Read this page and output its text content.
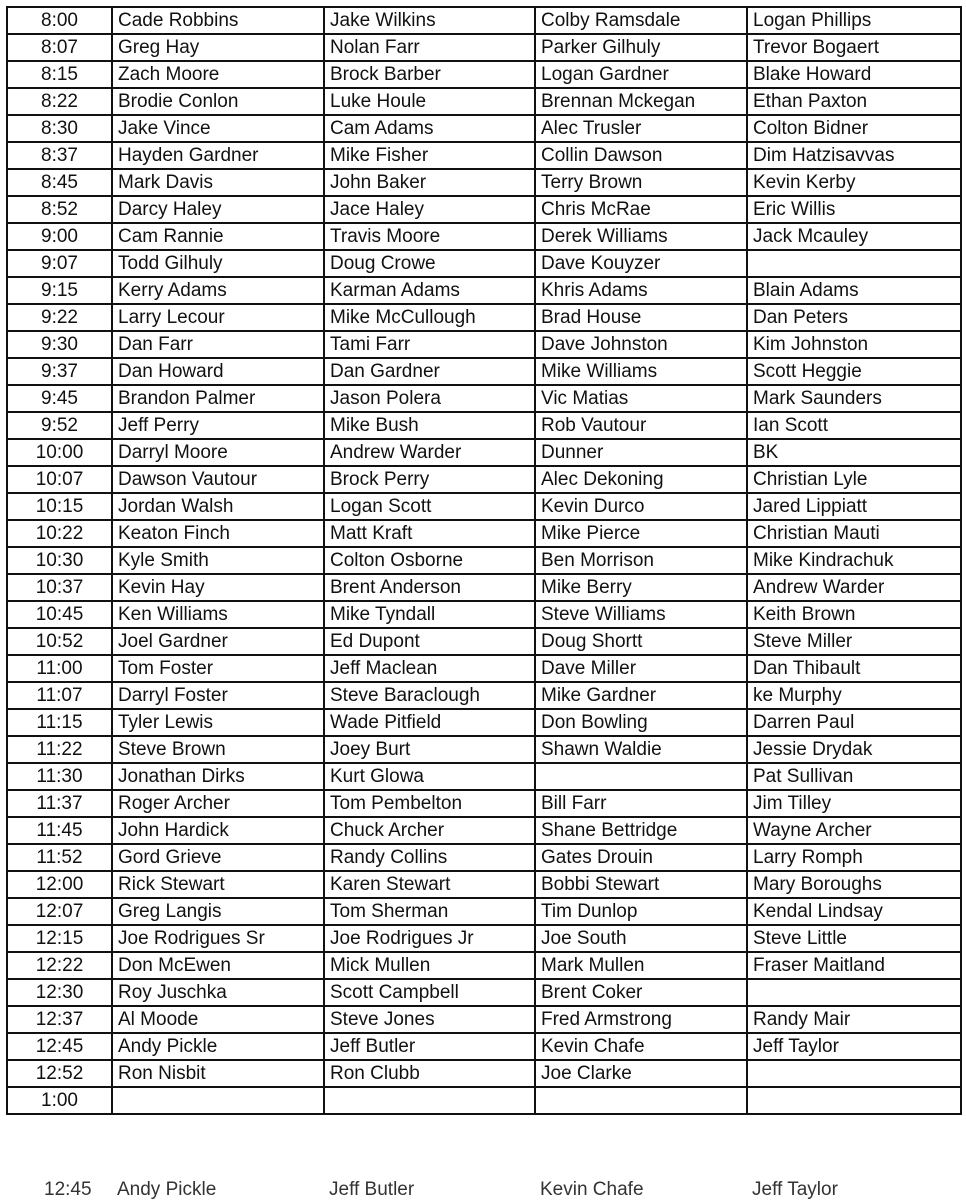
8:00	Cade Robbins	Jake Wilkins	Colby Ramsdale	Logan Phillips
8:07	Greg Hay	Nolan Farr	Parker Gilhuly	Trevor Bogaert
8:15	Zach Moore	Brock Barber	Logan Gardner	Blake Howard
8:22	Brodie Conlon	Luke Houle	Brennan Mckegan	Ethan Paxton
8:30	Jake Vince	Cam Adams	Alec Trusler	Colton Bidner
8:37	Hayden Gardner	Mike Fisher	Collin Dawson	Dim Hatzisavvas
8:45	Mark Davis	John Baker	Terry Brown	Kevin Kerby
8:52	Darcy Haley	Jace Haley	Chris McRae	Eric Willis
9:00	Cam Rannie	Travis Moore	Derek Williams	Jack Mcauley
9:07	Todd Gilhuly	Doug Crowe	Dave Kouyzer	
9:15	Kerry Adams	Karman Adams	Khris Adams	Blain Adams
9:22	Larry Lecour	Mike McCullough	Brad House	Dan Peters
9:30	Dan Farr	Tami Farr	Dave Johnston	Kim Johnston
9:37	Dan Howard	Dan Gardner	Mike Williams	Scott Heggie
9:45	Brandon Palmer	Jason Polera	Vic Matias	Mark Saunders
9:52	Jeff Perry	Mike Bush	Rob Vautour	Ian Scott
10:00	Darryl Moore	Andrew Warder	Dunner	BK
10:07	Dawson Vautour	Brock Perry	Alec Dekoning	Christian Lyle
10:15	Jordan Walsh	Logan Scott	Kevin Durco	Jared Lippiatt
10:22	Keaton Finch	Matt Kraft	Mike Pierce	Christian Mauti
10:30	Kyle Smith	Colton Osborne	Ben Morrison	Mike Kindrachuk
10:37	Kevin Hay	Brent Anderson	Mike Berry	Andrew Warder
10:45	Ken Williams	Mike Tyndall	Steve Williams	Keith Brown
10:52	Joel Gardner	Ed Dupont	Doug Shortt	Steve Miller
11:00	Tom Foster	Jeff Maclean	Dave Miller	Dan Thibault
11:07	Darryl Foster	Steve Baraclough	Mike Gardner	ke Murphy
11:15	Tyler Lewis	Wade Pitfield	Don Bowling	Darren Paul
11:22	Steve Brown	Joey Burt	Shawn Waldie	Jessie Drydak
11:30	Jonathan Dirks	Kurt Glowa		Pat Sullivan
11:37	Roger Archer	Tom Pembelton	Bill Farr	Jim Tilley
11:45	John Hardick	Chuck Archer	Shane Bettridge	Wayne Archer
11:52	Gord Grieve	Randy Collins	Gates Drouin	Larry Romph
12:00	Rick Stewart	Karen Stewart	Bobbi Stewart	Mary Boroughs
12:07	Greg Langis	Tom Sherman	Tim Dunlop	Kendal Lindsay
12:15	Joe Rodrigues Sr	Joe Rodrigues Jr	Joe South	Steve Little
12:22	Don McEwen	Mick Mullen	Mark Mullen	Fraser Maitland
12:30	Roy Juschka	Scott Campbell	Brent Coker	
12:37	Al Moode	Steve Jones	Fred Armstrong	Randy Mair
12:45	Andy Pickle	Jeff Butler	Kevin Chafe	Jeff Taylor
12:52	Ron Nisbit	Ron Clubb	Joe Clarke	
1:00				
12:45 Andy Pickle	Jeff Butler	Kevin Chafe	Jeff Taylor
